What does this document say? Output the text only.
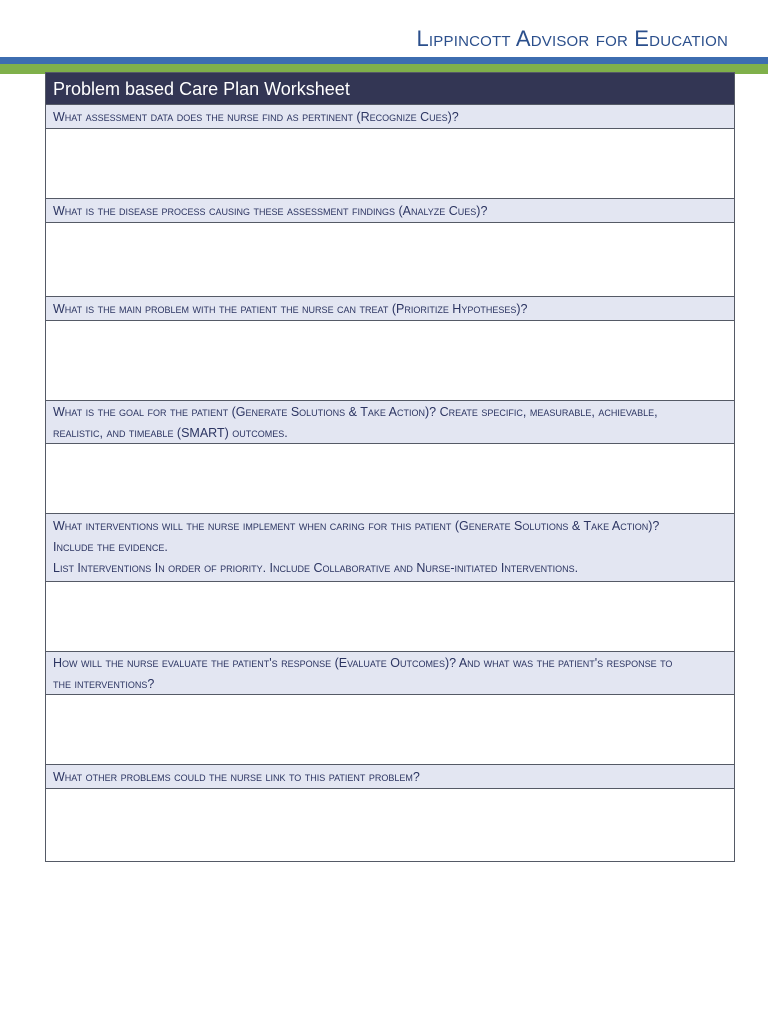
Lippincott Advisor for Education
Problem based Care Plan Worksheet
What assessment data does the nurse find as pertinent (Recognize Cues)?
What is the disease process causing these assessment findings (Analyze Cues)?
What is the main problem with the patient the nurse can treat (Prioritize Hypotheses)?
What is the goal for the patient (Generate Solutions & Take Action)? Create specific, measurable, achievable,
realistic, and timeable (SMART) outcomes.
What interventions will the nurse implement when caring for this patient (Generate Solutions & Take Action)?
Include the evidence.
List Interventions In order of priority. Include Collaborative and Nurse-initiated Interventions.
How will the nurse evaluate the patient's response (Evaluate Outcomes)? And what was the patient's response to
the interventions?
What other problems could the nurse link to this patient problem?
